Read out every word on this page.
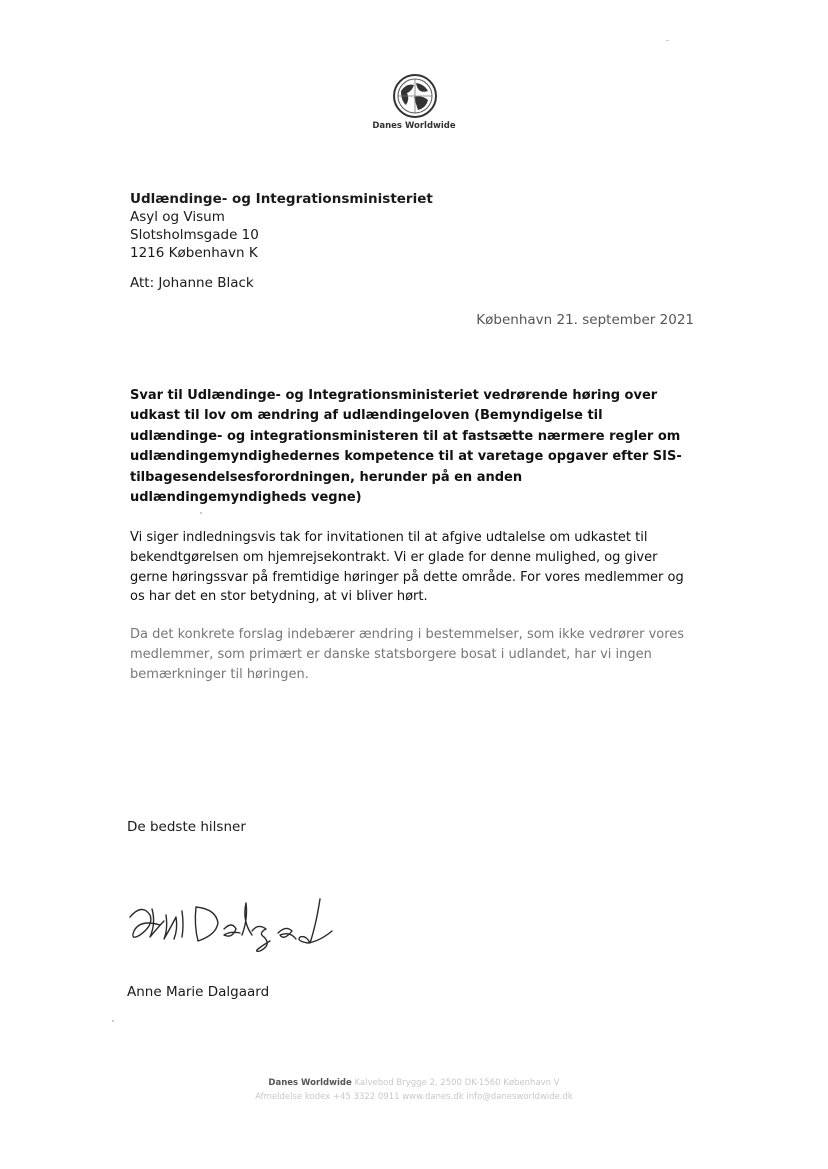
Danes Worldwide
Udlændinge- og Integrationsministeriet
Asyl og Visum
Slotsholmsgade 10
1216 København K
Att: Johanne Black
København 21. september 2021
Svar til Udlændinge- og Integrationsministeriet vedrørende høring over udkast til lov om ændring af udlændingeloven (Bemyndigelse til udlændinge- og integrationsministeren til at fastsætte nærmere regler om udlændingemyndighedernes kompetence til at varetage opgaver efter SIS-tilbagesendelsesforordningen, herunder på en anden udlændingemyndigheds vegne)
Vi siger indledningsvis tak for invitationen til at afgive udtalelse om udkastet til bekendtgørelsen om hjemrejsekontrakt. Vi er glade for denne mulighed, og giver gerne høringssvar på fremtidige høringer på dette område. For vores medlemmer og os har det en stor betydning, at vi bliver hørt.
Da det konkrete forslag indebærer ændring i bestemmelser, som ikke vedrører vores medlemmer, som primært er danske statsborgere bosat i udlandet, har vi ingen bemærkninger til høringen.
De bedste hilsner
Anne Marie Dalgaard
Danes Worldwide Kalvebod Brygge 2, 2500 DK-1560 København V
Afmeldelse kodex +45 3322 0911 www.danes.dk info@danesworldwide.dk
